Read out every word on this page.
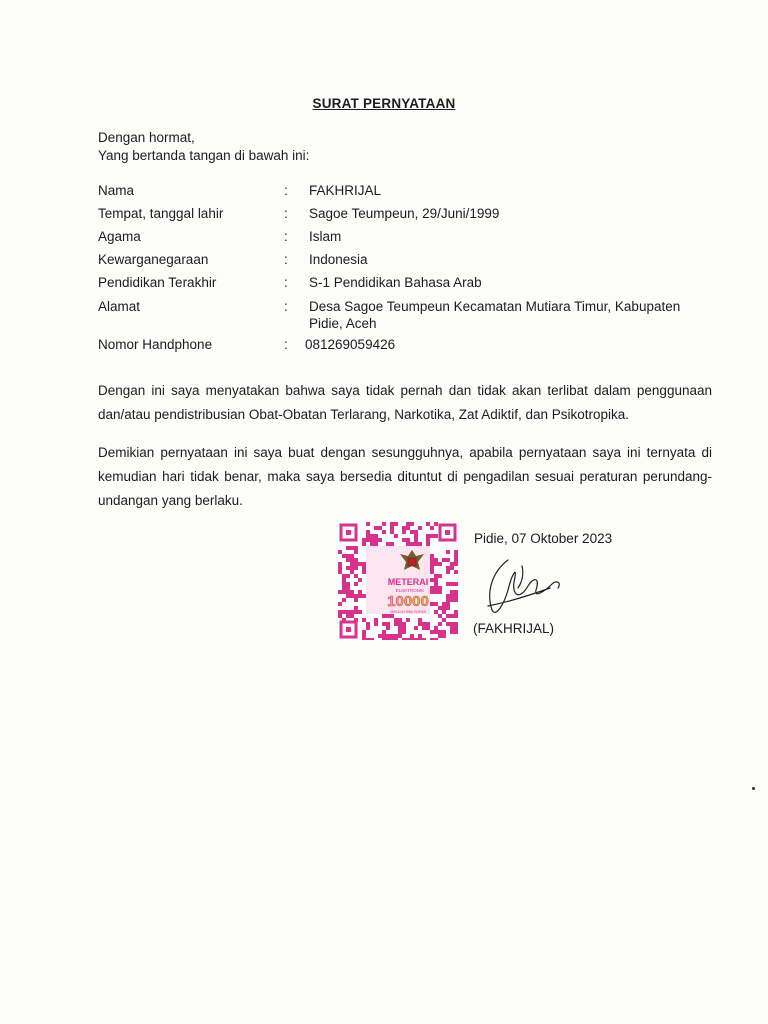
SURAT PERNYATAAN
Dengan hormat,
Yang bertanda tangan di bawah ini:
Nama	: FAKHRIJAL
Tempat, tanggal lahir	: Sagoe Teumpeun, 29/Juni/1999
Agama	: Islam
Kewarganegaraan	: Indonesia
Pendidikan Terakhir	: S-1 Pendidikan Bahasa Arab
Alamat	: Desa Sagoe Teumpeun Kecamatan Mutiara Timur, Kabupaten Pidie, Aceh
Nomor Handphone	: 081269059426
Dengan ini saya menyatakan bahwa saya tidak pernah dan tidak akan terlibat dalam penggunaan dan/atau pendistribusian Obat-Obatan Terlarang, Narkotika, Zat Adiktif, dan Psikotropika.
Demikian pernyataan ini saya buat dengan sesungguhnya, apabila pernyataan saya ini ternyata di kemudian hari tidak benar, maka saya bersedia dituntut di pengadilan sesuai peraturan perundang-undangan yang berlaku.
METERAI
ELEKTRONIK
10000
SEPULUH RIBU RUPIAH
Pidie, 07 Oktober 2023
(FAKHRIJAL)
